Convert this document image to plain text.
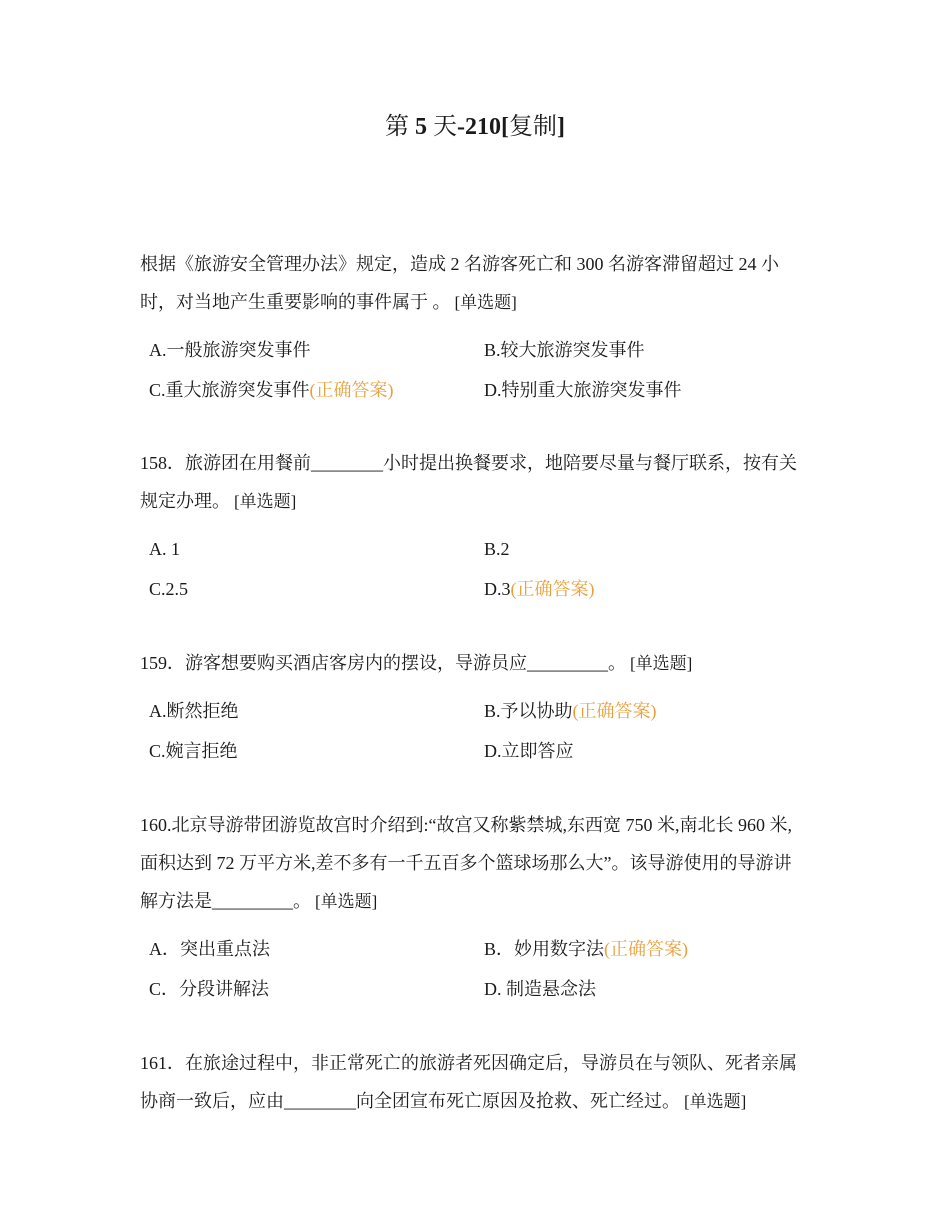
第 5 天-210[复制]

根据《旅游安全管理办法》规定，造成 2 名游客死亡和 300 名游客滞留超过 24 小时，对当地产生重要影响的事件属于 。 [单选题]

A.一般旅游突发事件	B.较大旅游突发事件
C.重大旅游突发事件(正确答案)	D.特别重大旅游突发事件

158．旅游团在用餐前________小时提出换餐要求，地陪要尽量与餐厅联系，按有关规定办理。 [单选题]

A. 1	B.2
C.2.5	D.3(正确答案)

159．游客想要购买酒店客房内的摆设，导游员应_________。 [单选题]

A.断然拒绝	B.予以协助(正确答案)
C.婉言拒绝	D.立即答应

160.北京导游带团游览故宫时介绍到:“故宫又称紫禁城,东西宽 750 米,南北长 960 米,面积达到 72 万平方米,差不多有一千五百多个篮球场那么大”。该导游使用的导游讲解方法是_________。 [单选题]

A．突出重点法	B．妙用数字法(正确答案)
C．分段讲解法	D. 制造悬念法

161．在旅途过程中，非正常死亡的旅游者死因确定后，导游员在与领队、死者亲属协商一致后，应由________向全团宣布死亡原因及抢救、死亡经过。 [单选题]
